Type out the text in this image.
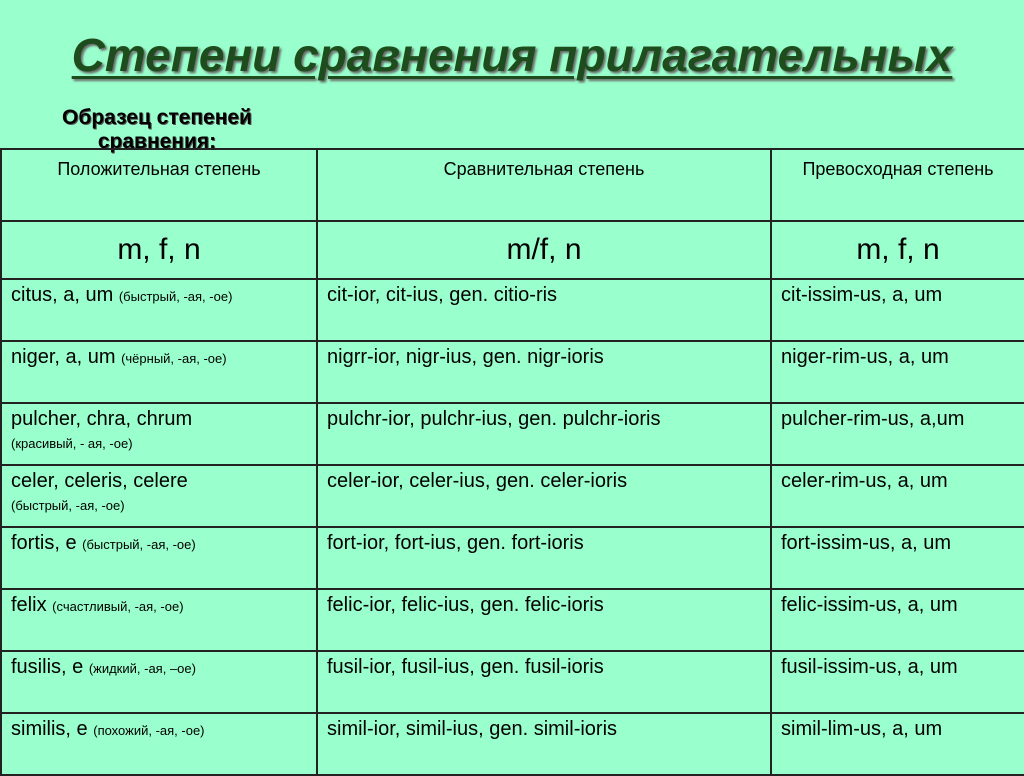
Степени сравнения прилагательных
Образец степеней сравнения:
Положительная степень	Сравнительная степень	Превосходная степень
m, f, n	m/f, n	m, f, n
citus, a, um (быстрый, -ая, -ое)	cit-ior, cit-ius, gen. citio-ris	cit-issim-us, a, um
niger, a, um (чёрный, -ая, -ое)	nigrr-ior, nigr-ius, gen. nigr-ioris	niger-rim-us, a, um
pulcher, chra, chrum
(красивый, - ая, -ое)	pulchr-ior, pulchr-ius, gen. pulchr-ioris	pulcher-rim-us, a,um
celer, celeris, celere
(быстрый, -ая, -ое)	celer-ior, celer-ius, gen. celer-ioris	celer-rim-us, a, um
fortis, e (быстрый, -ая, -ое)	fort-ior, fort-ius, gen. fort-ioris	fort-issim-us, a, um
felix (счастливый, -ая, -ое)	felic-ior, felic-ius, gen. felic-ioris	felic-issim-us, a, um
fusilis, e (жидкий, -ая, –ое)	fusil-ior, fusil-ius, gen. fusil-ioris	fusil-issim-us, a, um
similis, e (похожий, -ая, -ое)	simil-ior, simil-ius, gen. simil-ioris	simil-lim-us, a, um
